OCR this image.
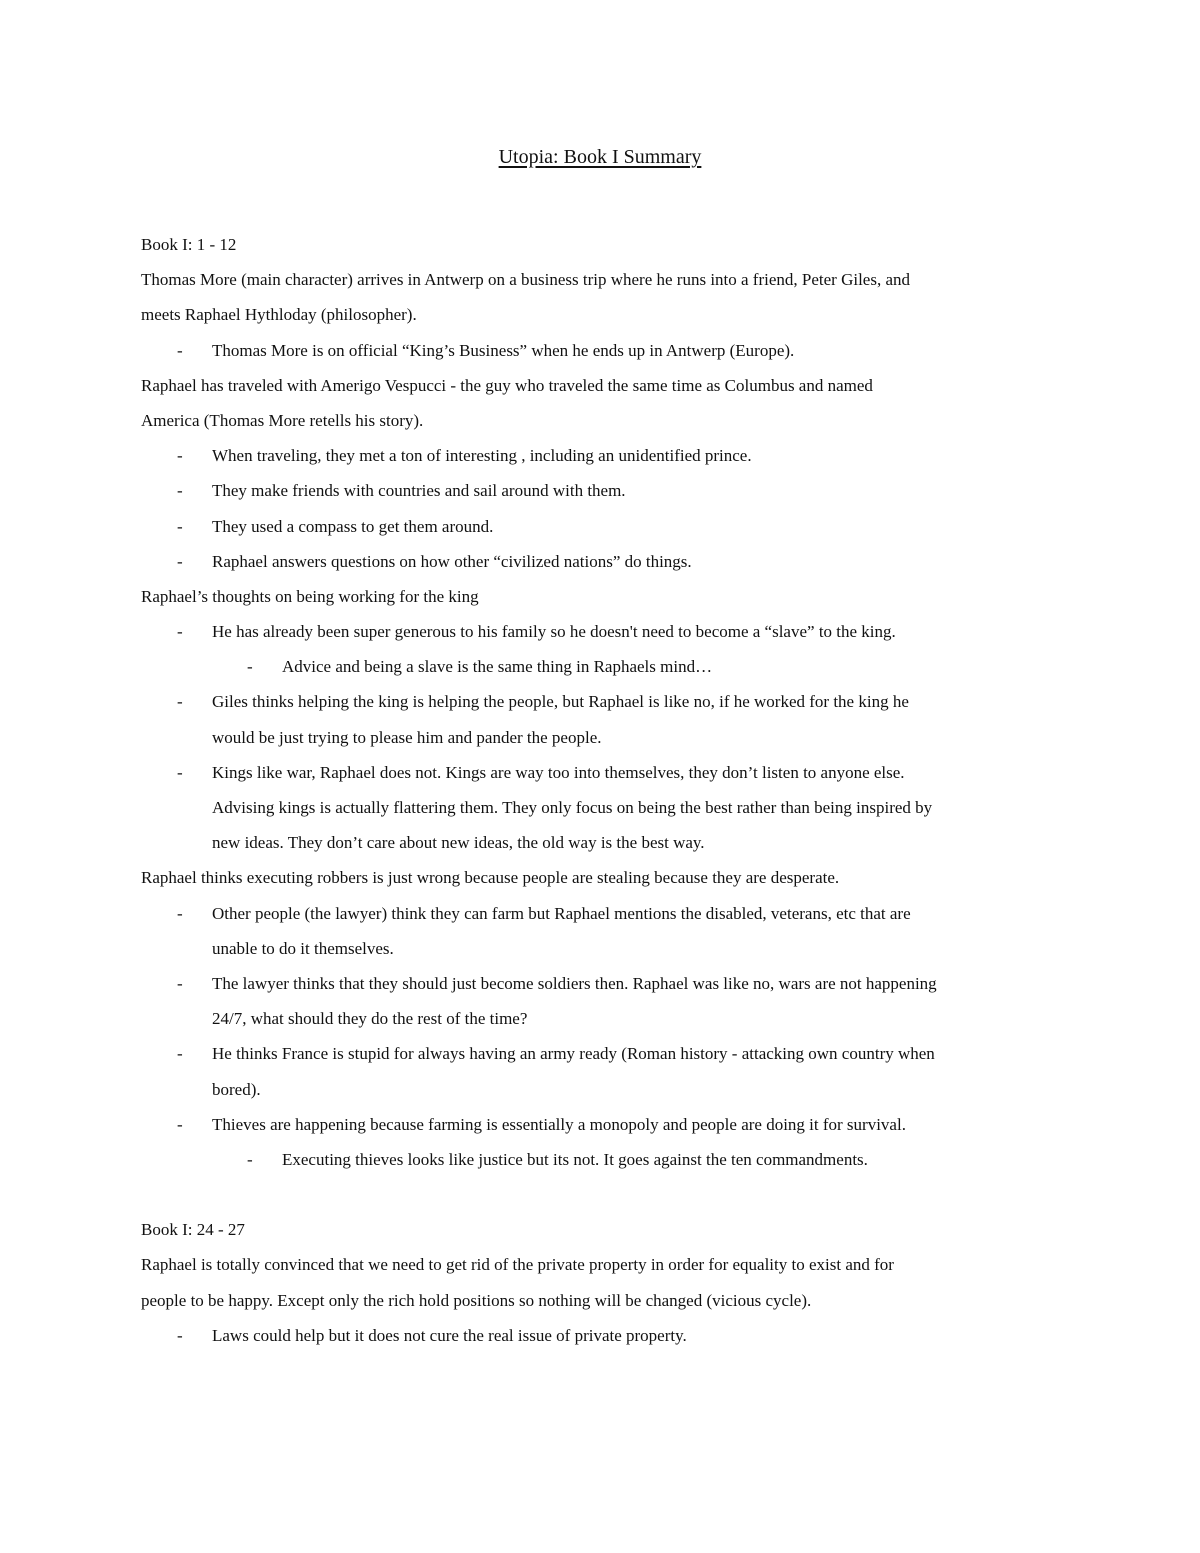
Utopia: Book I Summary
Book I: 1 - 12
Thomas More (main character) arrives in Antwerp on a business trip where he runs into a friend, Peter Giles, and
meets Raphael Hythloday (philosopher).
- Thomas More is on official “King’s Business” when he ends up in Antwerp (Europe).
Raphael has traveled with Amerigo Vespucci - the guy who traveled the same time as Columbus and named
America (Thomas More retells his story).
- When traveling, they met a ton of interesting , including an unidentified prince.
- They make friends with countries and sail around with them.
- They used a compass to get them around.
- Raphael answers questions on how other “civilized nations” do things.
Raphael’s thoughts on being working for the king
- He has already been super generous to his family so he doesn't need to become a “slave” to the king.
- Advice and being a slave is the same thing in Raphaels mind…
- Giles thinks helping the king is helping the people, but Raphael is like no, if he worked for the king he
would be just trying to please him and pander the people.
- Kings like war, Raphael does not. Kings are way too into themselves, they don’t listen to anyone else.
Advising kings is actually flattering them. They only focus on being the best rather than being inspired by
new ideas. They don’t care about new ideas, the old way is the best way.
Raphael thinks executing robbers is just wrong because people are stealing because they are desperate.
- Other people (the lawyer) think they can farm but Raphael mentions the disabled, veterans, etc that are
unable to do it themselves.
- The lawyer thinks that they should just become soldiers then. Raphael was like no, wars are not happening
24/7, what should they do the rest of the time?
- He thinks France is stupid for always having an army ready (Roman history - attacking own country when
bored).
- Thieves are happening because farming is essentially a monopoly and people are doing it for survival.
- Executing thieves looks like justice but its not. It goes against the ten commandments.
Book I: 24 - 27
Raphael is totally convinced that we need to get rid of the private property in order for equality to exist and for
people to be happy. Except only the rich hold positions so nothing will be changed (vicious cycle).
- Laws could help but it does not cure the real issue of private property.
